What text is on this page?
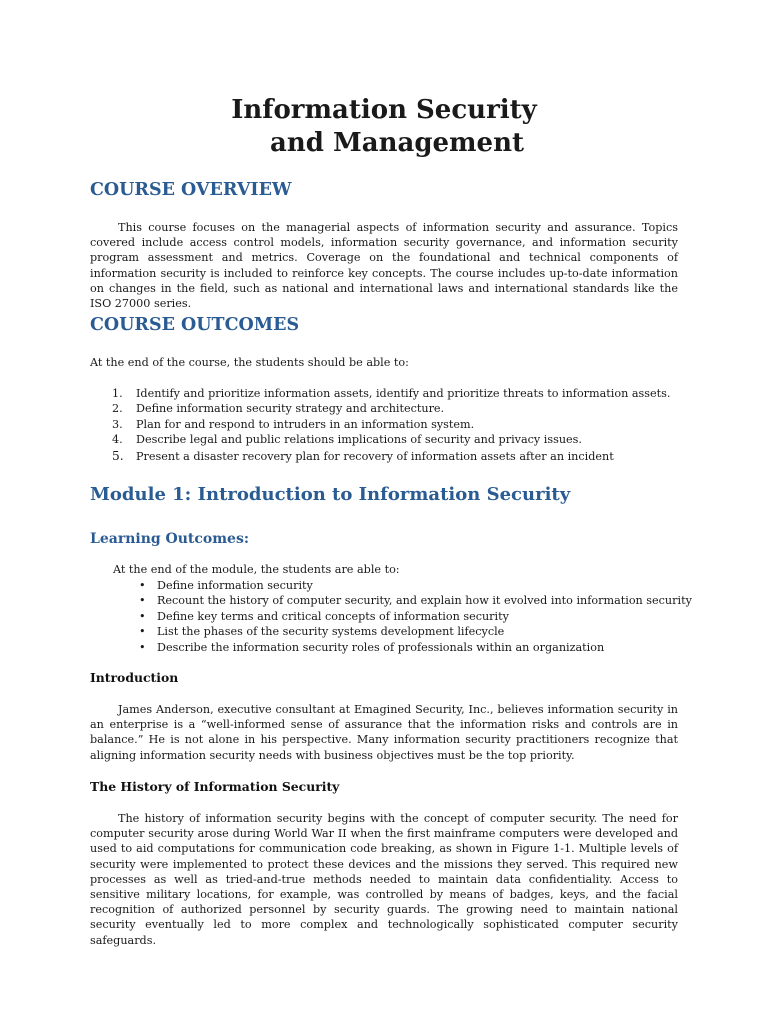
Information Security
and Management
COURSE OVERVIEW

This course focuses on the managerial aspects of information security and assurance. Topics covered include access control models, information security governance, and information security program assessment and metrics. Coverage on the foundational and technical components of information security is included to reinforce key concepts. The course includes up-to-date information on changes in the field, such as national and international laws and international standards like the ISO 27000 series.

COURSE OUTCOMES

At the end of the course, the students should be able to:

1.	Identify and prioritize information assets, identify and prioritize threats to information assets.
2.	Define information security strategy and architecture.
3.	Plan for and respond to intruders in an information system.
4.	Describe legal and public relations implications of security and privacy issues.
5.	Present a disaster recovery plan for recovery of information assets after an incident
Module 1: Introduction to Information Security
Learning Outcomes:

At the end of the module, the students are able to:

•	Define information security
•	Recount the history of computer security, and explain how it evolved into information security
•	Define key terms and critical concepts of information security
•	List the phases of the security systems development lifecycle
•	Describe the information security roles of professionals within an organization
Introduction

James Anderson, executive consultant at Emagined Security, Inc., believes information security in an enterprise is a “well-informed sense of assurance that the information risks and controls are in balance.” He is not alone in his perspective. Many information security practitioners recognize that aligning information security needs with business objectives must be the top priority.

The History of Information Security

The history of information security begins with the concept of computer security. The need for computer security arose during World War II when the first mainframe computers were developed and used to aid computations for communication code breaking, as shown in Figure 1-1. Multiple levels of security were implemented to protect these devices and the missions they served. This required new processes as well as tried-and-true methods needed to maintain data confidentiality. Access to sensitive military locations, for example, was controlled by means of badges, keys, and the facial recognition of authorized personnel by security guards. The growing need to maintain national security eventually led to more complex and technologically sophisticated computer security safeguards.
